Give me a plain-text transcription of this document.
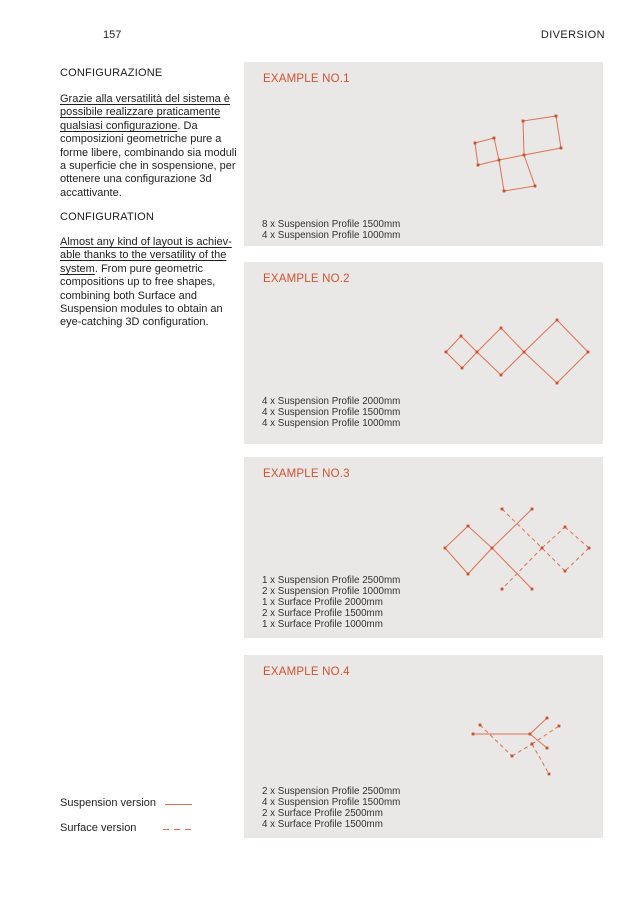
157	DIVERSION
CONFIGURAZIONE

Grazie alla versatilità del sistema è possibile realizzare praticamente qualsiasi configurazione. Da composizioni geometriche pure a forme libere, combinando sia moduli a superficie che in sospensione, per ottenere una configurazione 3d accattivante.

CONFIGURATION

Almost any kind of layout is achiev-able thanks to the versatility of the system. From pure geometric compositions up to free shapes, combining both Surface and Suspension modules to obtain an eye-catching 3D configuration.

EXAMPLE NO.1
8 x Suspension Profile 1500mm
4 x Suspension Profile 1000mm
EXAMPLE NO.2
4 x Suspension Profile 2000mm
4 x Suspension Profile 1500mm
4 x Suspension Profile 1000mm
EXAMPLE NO.3
1 x Suspension Profile 2500mm
2 x Suspension Profile 1000mm
1 x Surface Profile 2000mm
2 x Surface Profile 1500mm
1 x Surface Profile 1000mm
EXAMPLE NO.4
2 x Suspension Profile 2500mm
4 x Suspension Profile 1500mm
2 x Surface Profile 2500mm
4 x Surface Profile 1500mm
Suspension version
Surface version
